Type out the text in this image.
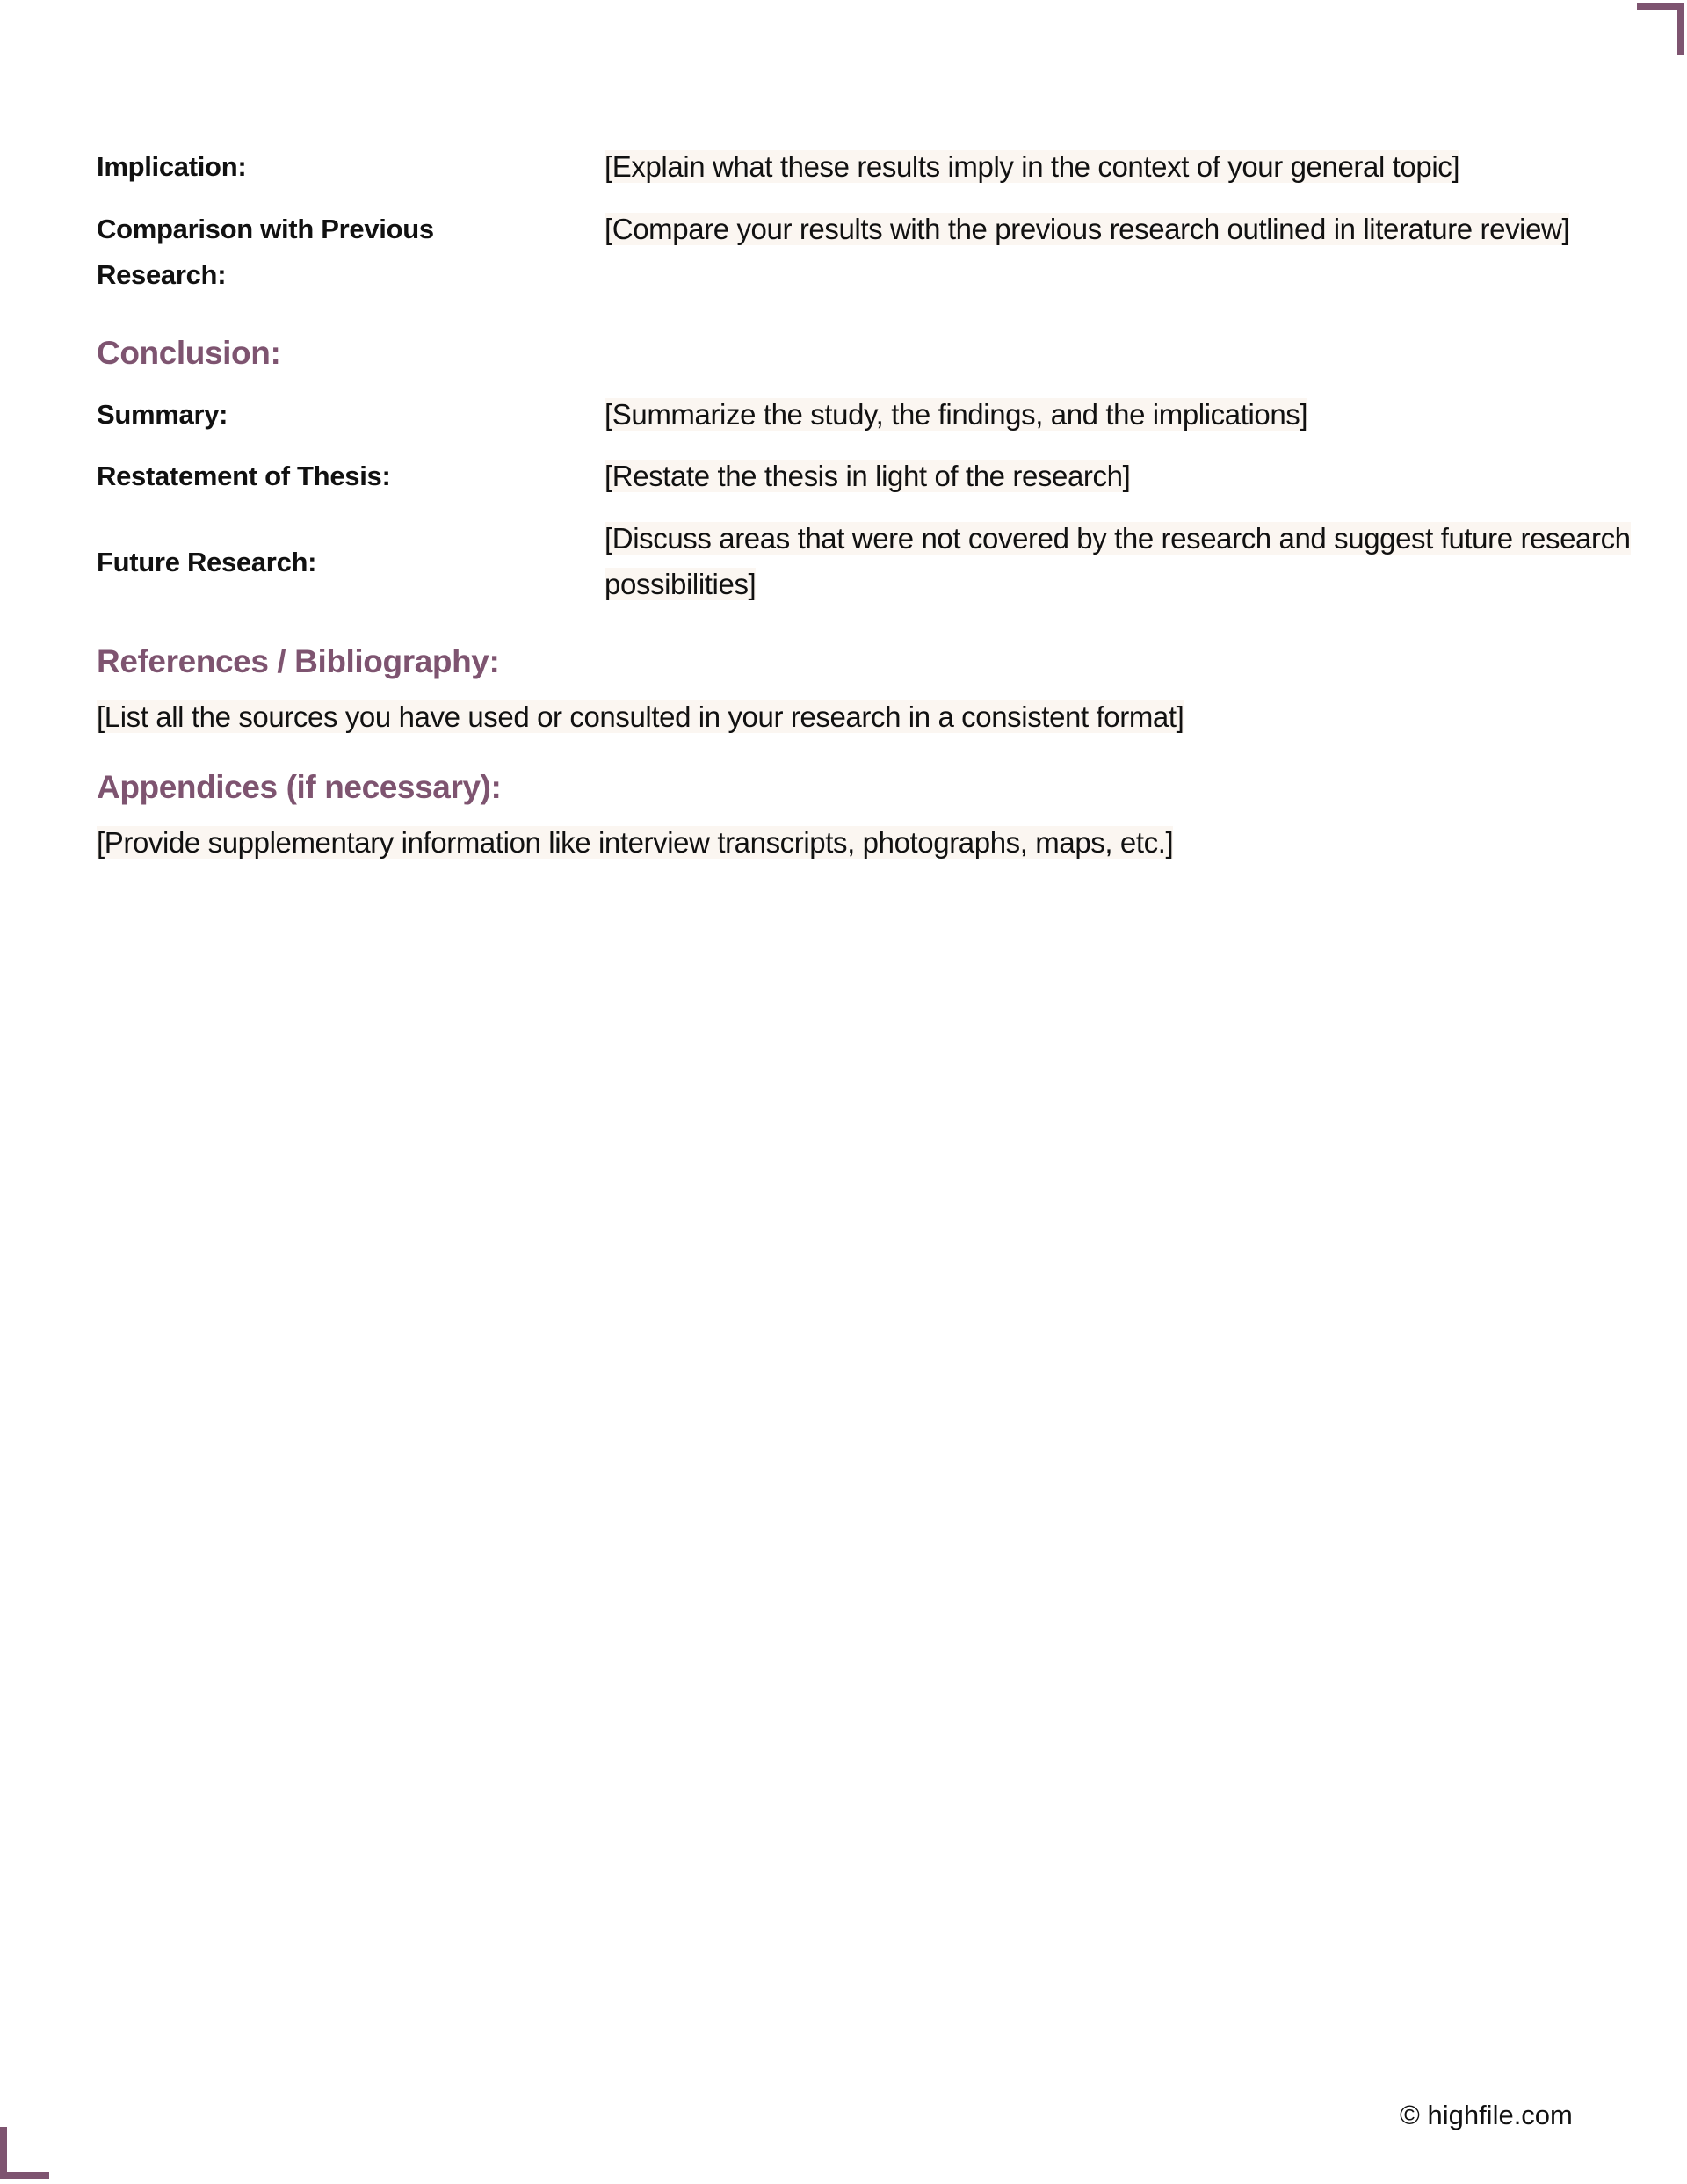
Implication:	[Explain what these results imply in the context of your general topic]
Comparison with Previous Research:
[Compare your results with the previous research outlined in literature review]
Conclusion:
Summary:	[Summarize the study, the findings, and the implications]
Restatement of Thesis:	[Restate the thesis in light of the research]
Future Research:
[Discuss areas that were not covered by the research and suggest future research possibilities]
References / Bibliography:
[List all the sources you have used or consulted in your research in a consistent format]
Appendices (if necessary):
[Provide supplementary information like interview transcripts, photographs, maps, etc.]
© highfile.com
